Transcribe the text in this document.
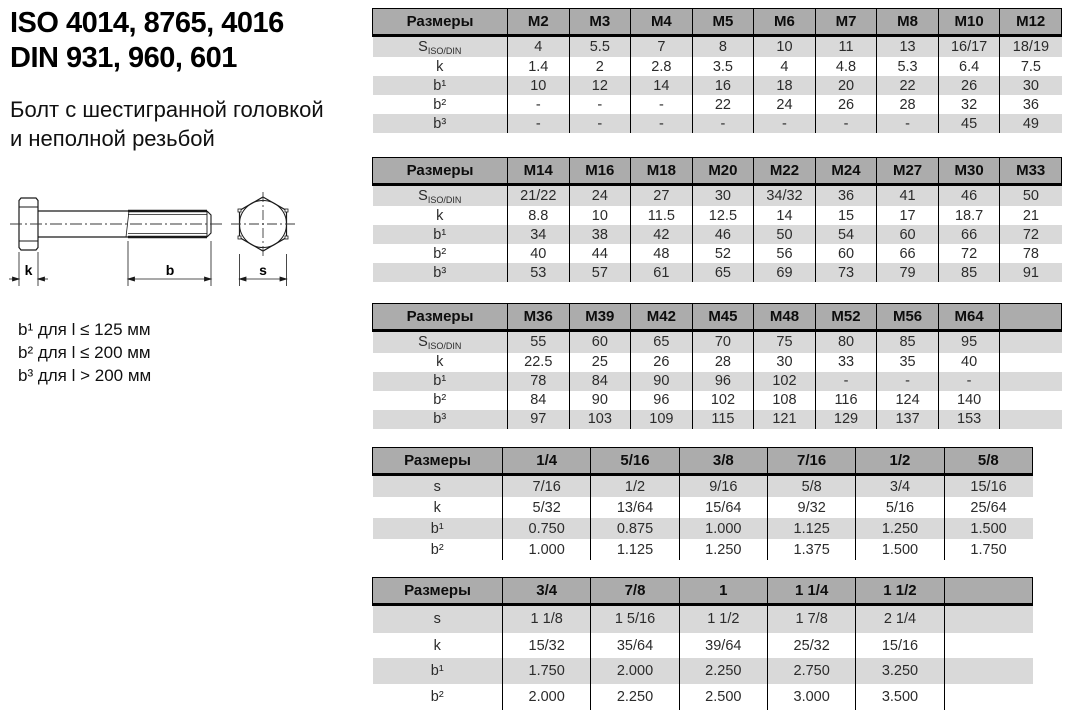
ISO 4014, 8765, 4016
DIN 931, 960, 601
Болт с шестигранной головкой
и неполной резьбой
k	b	s
b¹ для l ≤ 125 мм
b² для l ≤ 200 мм
b³ для l > 200 мм
Размеры	M2	M3	M4	M5	M6	M7	M8	M10	M12
$S_{ISO/DIN}$	4	5.5	7	8	10	11	13	16/17	18/19
k	1.4	2	2.8	3.5	4	4.8	5.3	6.4	7.5
b¹	10	12	14	16	18	20	22	26	30
b²	-	-	-	22	24	26	28	32	36
b³	-	-	-	-	-	-	-	45	49
Размеры	M14	M16	M18	M20	M22	M24	M27	M30	M33
$S_{ISO/DIN}$	21/22	24	27	30	34/32	36	41	46	50
k	8.8	10	11.5	12.5	14	15	17	18.7	21
b¹	34	38	42	46	50	54	60	66	72
b²	40	44	48	52	56	60	66	72	78
b³	53	57	61	65	69	73	79	85	91
Размеры	M36	M39	M42	M45	M48	M52	M56	M64	
$S_{ISO/DIN}$	55	60	65	70	75	80	85	95	
k	22.5	25	26	28	30	33	35	40	
b¹	78	84	90	96	102	-	-	-	
b²	84	90	96	102	108	116	124	140	
b³	97	103	109	115	121	129	137	153	
Размеры	1/4	5/16	3/8	7/16	1/2	5/8
s	7/16	1/2	9/16	5/8	3/4	15/16
k	5/32	13/64	15/64	9/32	5/16	25/64
b¹	0.750	0.875	1.000	1.125	1.250	1.500
b²	1.000	1.125	1.250	1.375	1.500	1.750
Размеры	3/4	7/8	1	1 1/4	1 1/2	
s	1 1/8	1 5/16	1 1/2	1 7/8	2 1/4	
k	15/32	35/64	39/64	25/32	15/16	
b¹	1.750	2.000	2.250	2.750	3.250	
b²	2.000	2.250	2.500	3.000	3.500	
